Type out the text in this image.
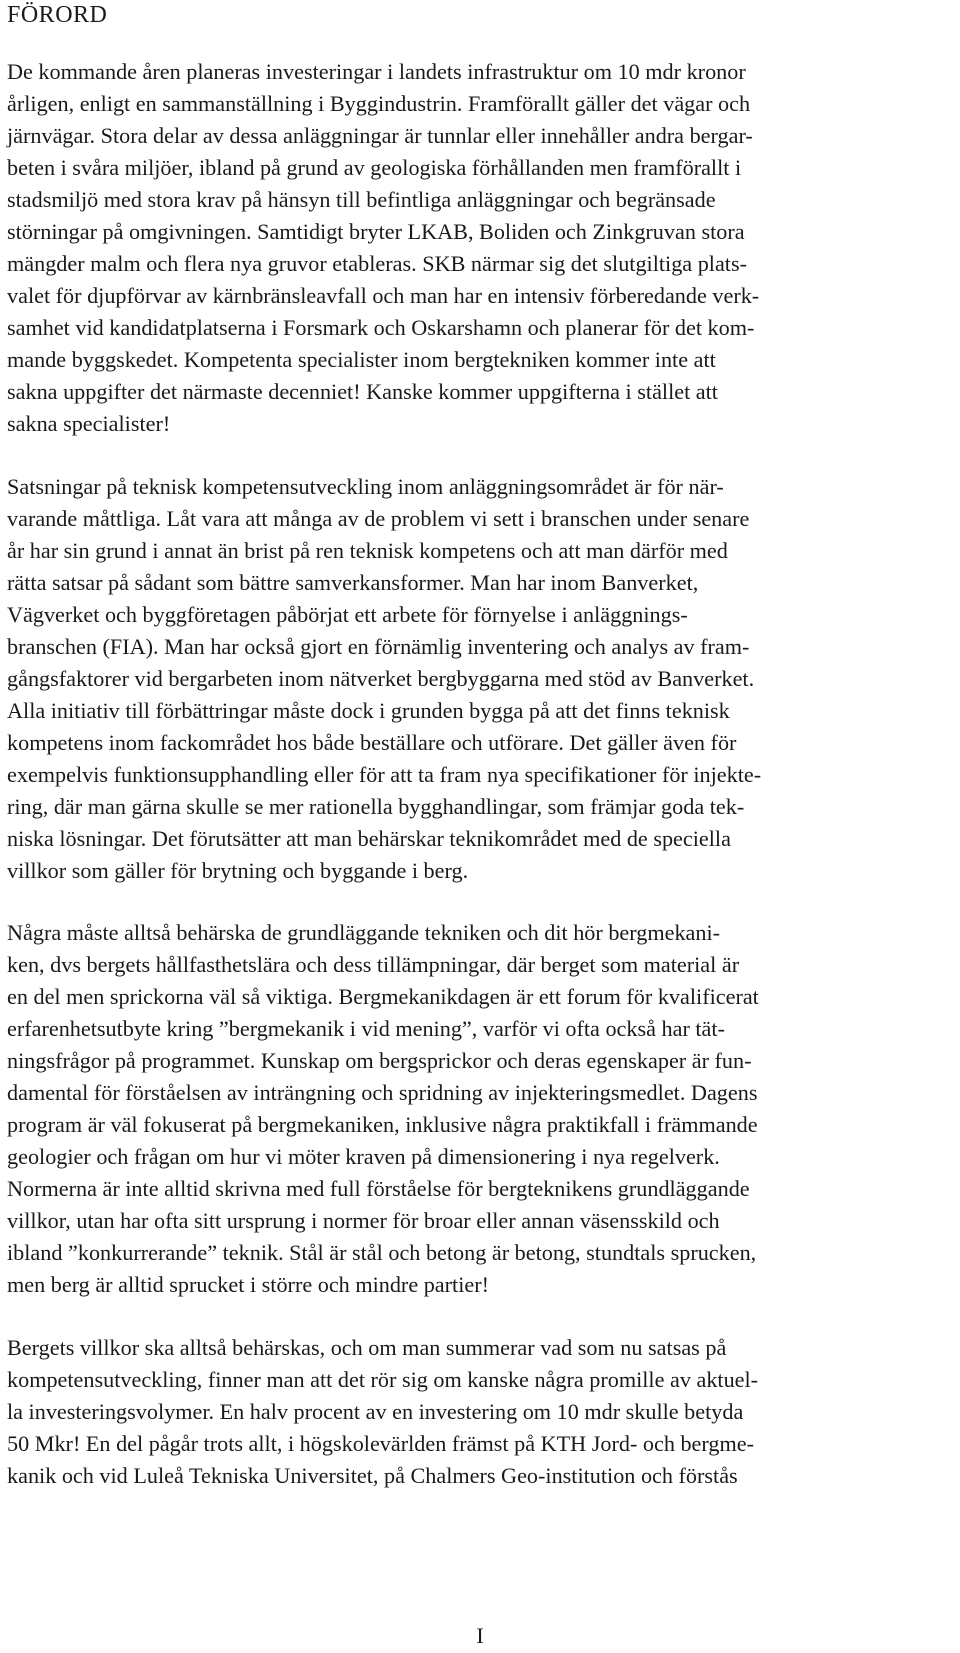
FÖRORD
De kommande åren planeras investeringar i landets infrastruktur om 10 mdr kronor
årligen, enligt en sammanställning i Byggindustrin. Framförallt gäller det vägar och
järnvägar. Stora delar av dessa anläggningar är tunnlar eller innehåller andra bergar-
beten i svåra miljöer, ibland på grund av geologiska förhållanden men framförallt i
stadsmiljö med stora krav på hänsyn till befintliga anläggningar och begränsade
störningar på omgivningen. Samtidigt bryter LKAB, Boliden och Zinkgruvan stora
mängder malm och flera nya gruvor etableras. SKB närmar sig det slutgiltiga plats-
valet för djupförvar av kärnbränsleavfall och man har en intensiv förberedande verk-
samhet vid kandidatplatserna i Forsmark och Oskarshamn och planerar för det kom-
mande byggskedet. Kompetenta specialister inom bergtekniken kommer inte att
sakna uppgifter det närmaste decenniet! Kanske kommer uppgifterna i stället att
sakna specialister!
Satsningar på teknisk kompetensutveckling inom anläggningsområdet är för när-
varande måttliga. Låt vara att många av de problem vi sett i branschen under senare
år har sin grund i annat än brist på ren teknisk kompetens och att man därför med
rätta satsar på sådant som bättre samverkansformer. Man har inom Banverket,
Vägverket och byggföretagen påbörjat ett arbete för förnyelse i anläggnings-
branschen (FIA). Man har också gjort en förnämlig inventering och analys av fram-
gångsfaktorer vid bergarbeten inom nätverket bergbyggarna med stöd av Banverket.
Alla initiativ till förbättringar måste dock i grunden bygga på att det finns teknisk
kompetens inom fackområdet hos både beställare och utförare. Det gäller även för
exempelvis funktionsupphandling eller för att ta fram nya specifikationer för injekte-
ring, där man gärna skulle se mer rationella bygghandlingar, som främjar goda tek-
niska lösningar. Det förutsätter att man behärskar teknikområdet med de speciella
villkor som gäller för brytning och byggande i berg.
Några måste alltså behärska de grundläggande tekniken och dit hör bergmekani-
ken, dvs bergets hållfasthetslära och dess tillämpningar, där berget som material är
en del men sprickorna väl så viktiga. Bergmekanikdagen är ett forum för kvalificerat
erfarenhetsutbyte kring ”bergmekanik i vid mening”, varför vi ofta också har tät-
ningsfrågor på programmet. Kunskap om bergsprickor och deras egenskaper är fun-
damental för förståelsen av inträngning och spridning av injekteringsmedlet. Dagens
program är väl fokuserat på bergmekaniken, inklusive några praktikfall i främmande
geologier och frågan om hur vi möter kraven på dimensionering i nya regelverk.
Normerna är inte alltid skrivna med full förståelse för bergteknikens grundläggande
villkor, utan har ofta sitt ursprung i normer för broar eller annan väsensskild och
ibland ”konkurrerande” teknik. Stål är stål och betong är betong, stundtals sprucken,
men berg är alltid sprucket i större och mindre partier!
Bergets villkor ska alltså behärskas, och om man summerar vad som nu satsas på
kompetensutveckling, finner man att det rör sig om kanske några promille av aktuel-
la investeringsvolymer. En halv procent av en investering om 10 mdr skulle betyda
50 Mkr! En del pågår trots allt, i högskolevärlden främst på KTH Jord- och bergme-
kanik och vid Luleå Tekniska Universitet, på Chalmers Geo-institution och förstås

I
